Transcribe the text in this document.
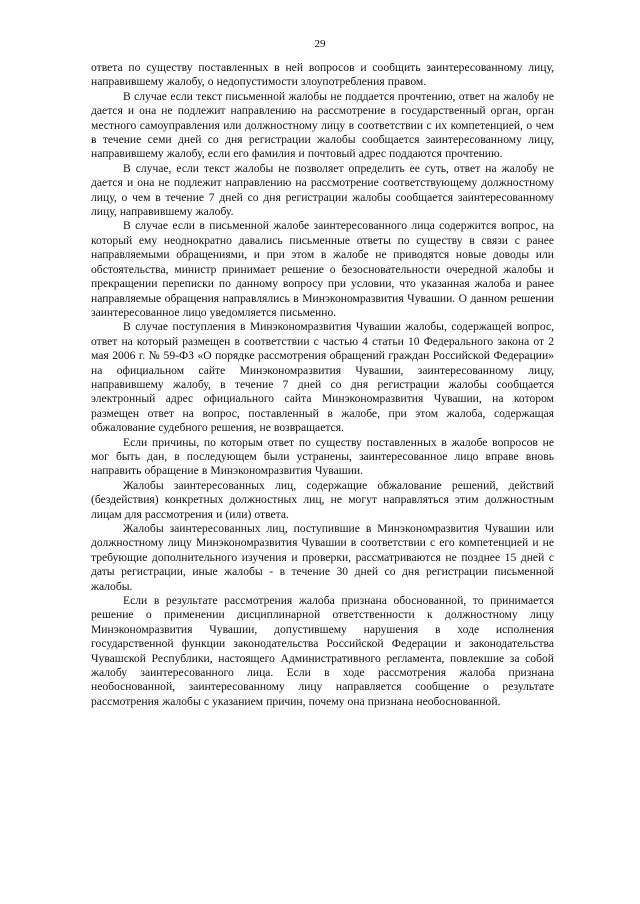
29

ответа по существу поставленных в ней вопросов и сообщить заинтересованному лицу, направившему жалобу, о недопустимости злоупотребления правом.

В случае если текст письменной жалобы не поддается прочтению, ответ на жалобу не дается и она не подлежит направлению на рассмотрение в государственный орган, орган местного самоуправления или должностному лицу в соответствии с их компетенцией, о чем в течение семи дней со дня регистрации жалобы сообщается заинтересованному лицу, направившему жалобу, если его фамилия и почтовый адрес поддаются прочтению.

В случае, если текст жалобы не позволяет определить ее суть, ответ на жалобу не дается и она не подлежит направлению на рассмотрение соответствующему должностному лицу, о чем в течение 7 дней со дня регистрации жалобы сообщается заинтересованному лицу, направившему жалобу.

В случае если в письменной жалобе заинтересованного лица содержится вопрос, на который ему неоднократно давались письменные ответы по существу в связи с ранее направляемыми обращениями, и при этом в жалобе не приводятся новые доводы или обстоятельства, министр принимает решение о безосновательности очередной жалобы и прекращении переписки по данному вопросу при условии, что указанная жалоба и ранее направляемые обращения направлялись в Минэкономразвития Чувашии. О данном решении заинтересованное лицо уведомляется письменно.

В случае поступления в Минэкономразвития Чувашии жалобы, содержащей вопрос, ответ на который размещен в соответствии с частью 4 статьи 10 Федерального закона от 2 мая 2006 г. № 59-ФЗ «О порядке рассмотрения обращений граждан Российской Федерации» на официальном сайте Минэкономразвития Чувашии, заинтересованному лицу, направившему жалобу, в течение 7 дней со дня регистрации жалобы сообщается электронный адрес официального сайта Минэкономразвития Чувашии, на котором размещен ответ на вопрос, поставленный в жалобе, при этом жалоба, содержащая обжалование судебного решения, не возвращается.

Если причины, по которым ответ по существу поставленных в жалобе вопросов не мог быть дан, в последующем были устранены, заинтересованное лицо вправе вновь направить обращение в Минэкономразвития Чувашии.

Жалобы заинтересованных лиц, содержащие обжалование решений, действий (бездействия) конкретных должностных лиц, не могут направляться этим должностным лицам для рассмотрения и (или) ответа.

Жалобы заинтересованных лиц, поступившие в Минэкономразвития Чувашии или должностному лицу Минэкономразвития Чувашии в соответствии с его компетенцией и не требующие дополнительного изучения и проверки, рассматриваются не позднее 15 дней с даты регистрации, иные жалобы - в течение 30 дней со дня регистрации письменной жалобы.

Если в результате рассмотрения жалоба признана обоснованной, то принимается решение о применении дисциплинарной ответственности к должностному лицу Минэкономразвития Чувашии, допустившему нарушения в ходе исполнения государственной функции законодательства Российской Федерации и законодательства Чувашской Республики, настоящего Административного регламента, повлекшие за собой жалобу заинтересованного лица. Если в ходе рассмотрения жалоба признана необоснованной, заинтересованному лицу направляется сообщение о результате рассмотрения жалобы с указанием причин, почему она признана необоснованной.
